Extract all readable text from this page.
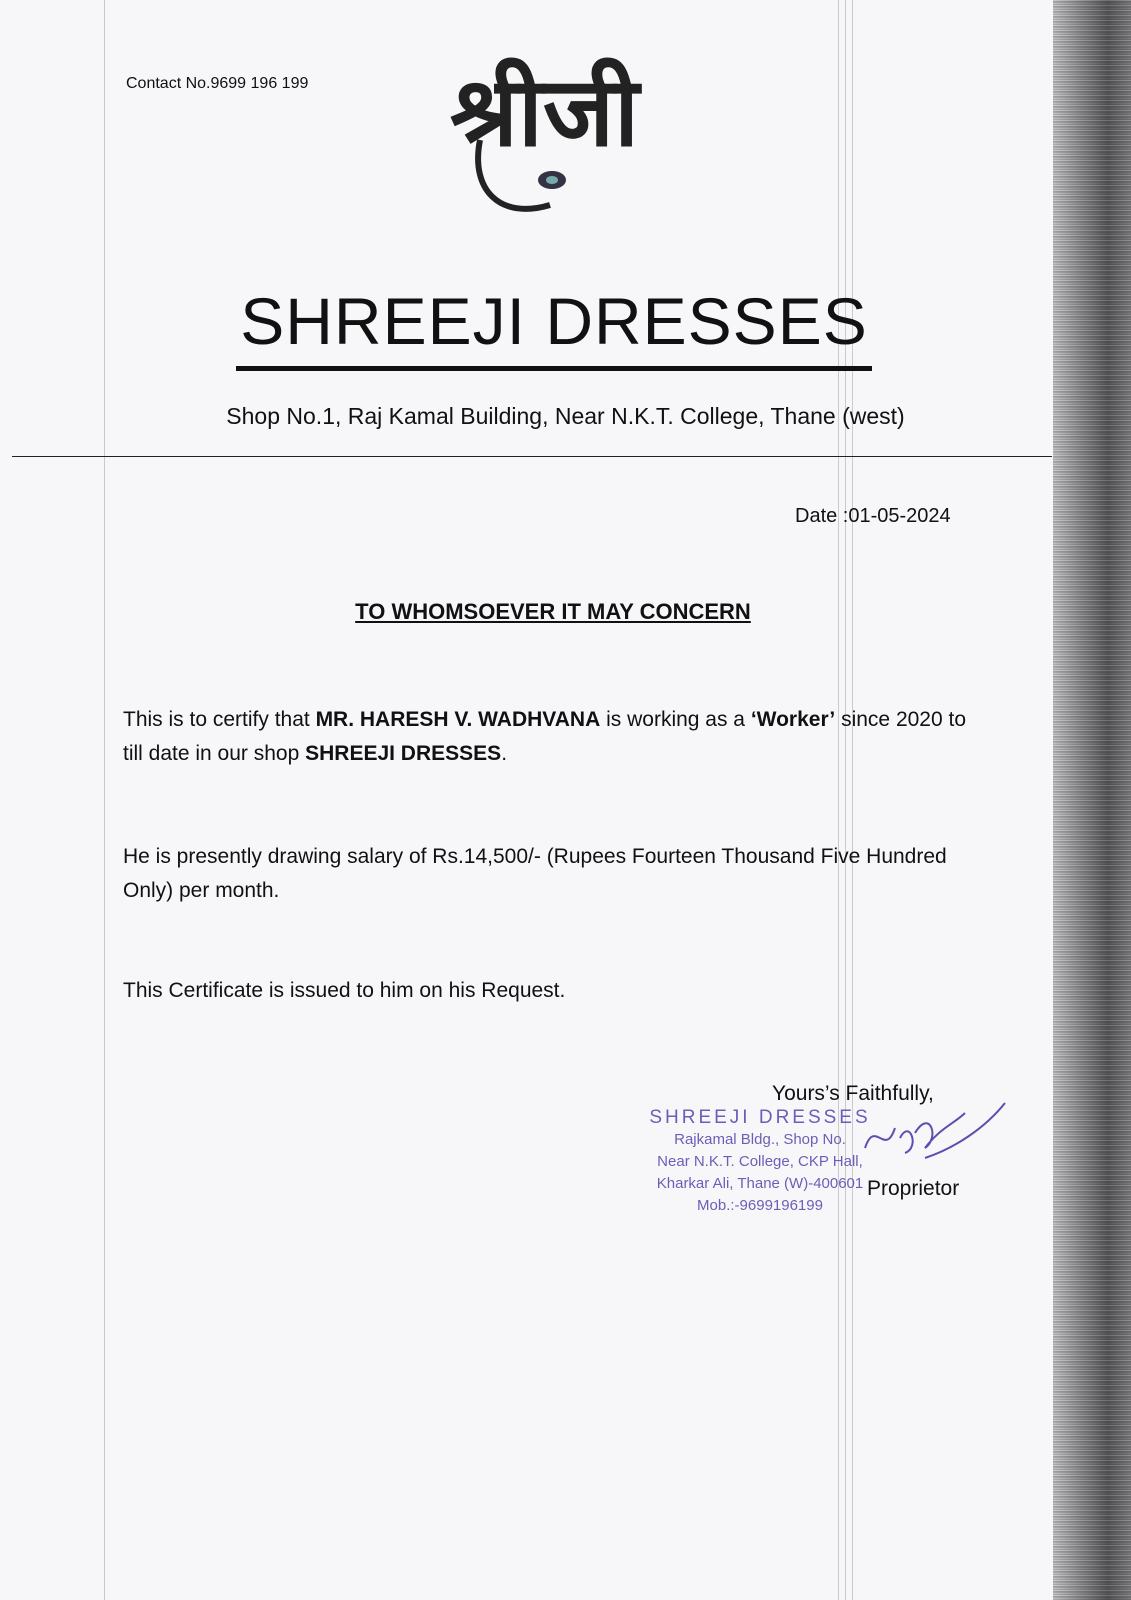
Contact No.9699 196 199 श्रीजी
SHREEJI DRESSES
Shop No.1, Raj Kamal Building, Near N.K.T. College, Thane (west)
Date :01-05-2024
TO WHOMSOEVER IT MAY CONCERN
This is to certify that MR. HARESH V. WADHVANA is working as a ‘Worker’ since 2020 to till date in our shop SHREEJI DRESSES.
He is presently drawing salary of Rs.14,500/- (Rupees Fourteen Thousand Five Hundred Only) per month.
This Certificate is issued to him on his Request.
Yours’s Faithfully,
SHREEJI DRESSES
Rajkamal Bldg., Shop No.
Near N.K.T. College, CKP Hall,
Kharkar Ali, Thane (W)-400601
Mob.:-9699196199
Proprietor
